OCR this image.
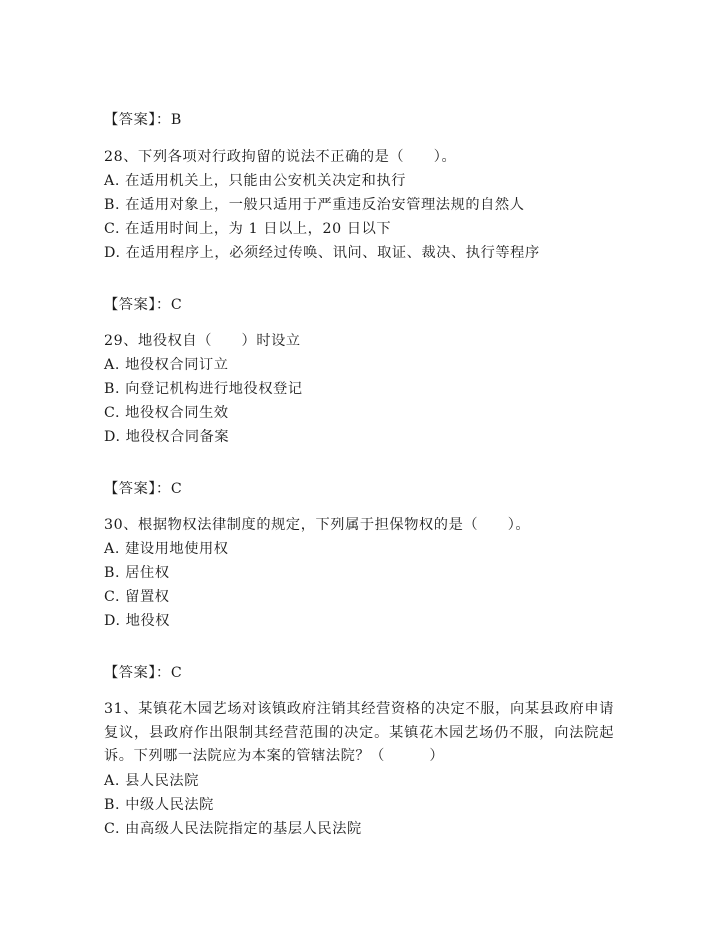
【答案】：B
28、下列各项对行政拘留的说法不正确的是（　　）。
A. 在适用机关上，只能由公安机关决定和执行
B. 在适用对象上，一般只适用于严重违反治安管理法规的自然人
C. 在适用时间上，为 1 日以上，20 日以下
D. 在适用程序上，必须经过传唤、讯问、取证、裁决、执行等程序
【答案】：C
29、地役权自（　　）时设立
A. 地役权合同订立
B. 向登记机构进行地役权登记
C. 地役权合同生效
D. 地役权合同备案
【答案】：C
30、根据物权法律制度的规定，下列属于担保物权的是（　　）。
A. 建设用地使用权
B. 居住权
C. 留置权
D. 地役权
【答案】：C
31、某镇花木园艺场对该镇政府注销其经营资格的决定不服，向某县政府申请复议，县政府作出限制其经营范围的决定。某镇花木园艺场仍不服，向法院起诉。下列哪一法院应为本案的管辖法院？（　　　）
A. 县人民法院
B. 中级人民法院
C. 由高级人民法院指定的基层人民法院
